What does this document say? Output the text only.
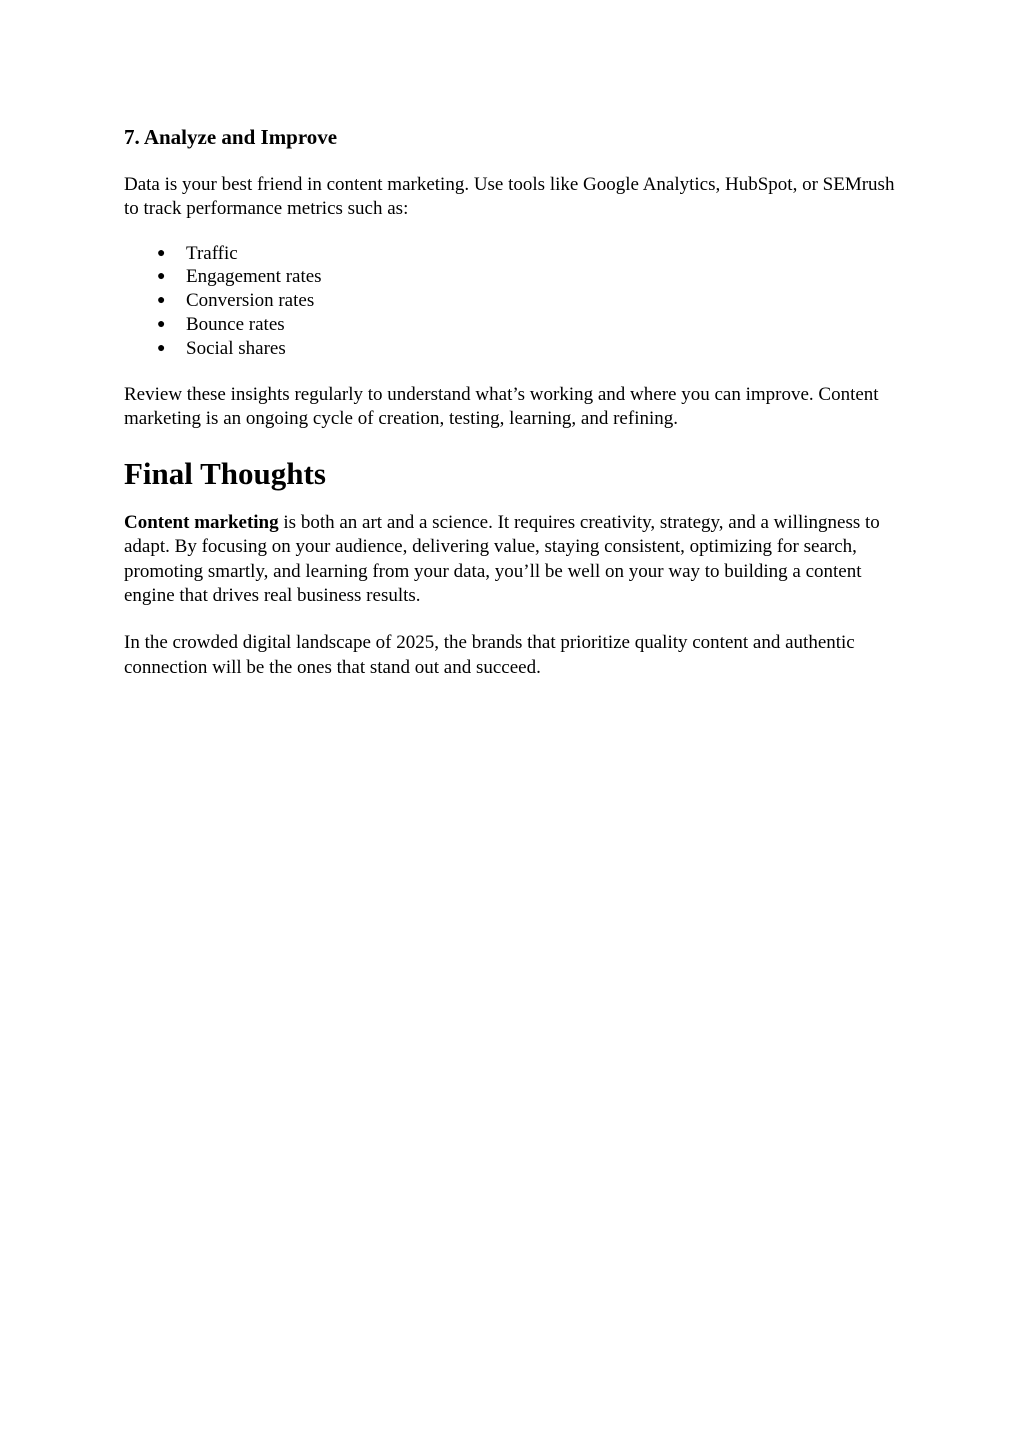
7. Analyze and Improve

Data is your best friend in content marketing. Use tools like Google Analytics, HubSpot, or SEMrush to track performance metrics such as:

● Traffic
● Engagement rates
● Conversion rates
● Bounce rates
● Social shares

Review these insights regularly to understand what’s working and where you can improve. Content marketing is an ongoing cycle of creation, testing, learning, and refining.

Final Thoughts

Content marketing is both an art and a science. It requires creativity, strategy, and a willingness to adapt. By focusing on your audience, delivering value, staying consistent, optimizing for search, promoting smartly, and learning from your data, you’ll be well on your way to building a content engine that drives real business results.

In the crowded digital landscape of 2025, the brands that prioritize quality content and authentic connection will be the ones that stand out and succeed.
